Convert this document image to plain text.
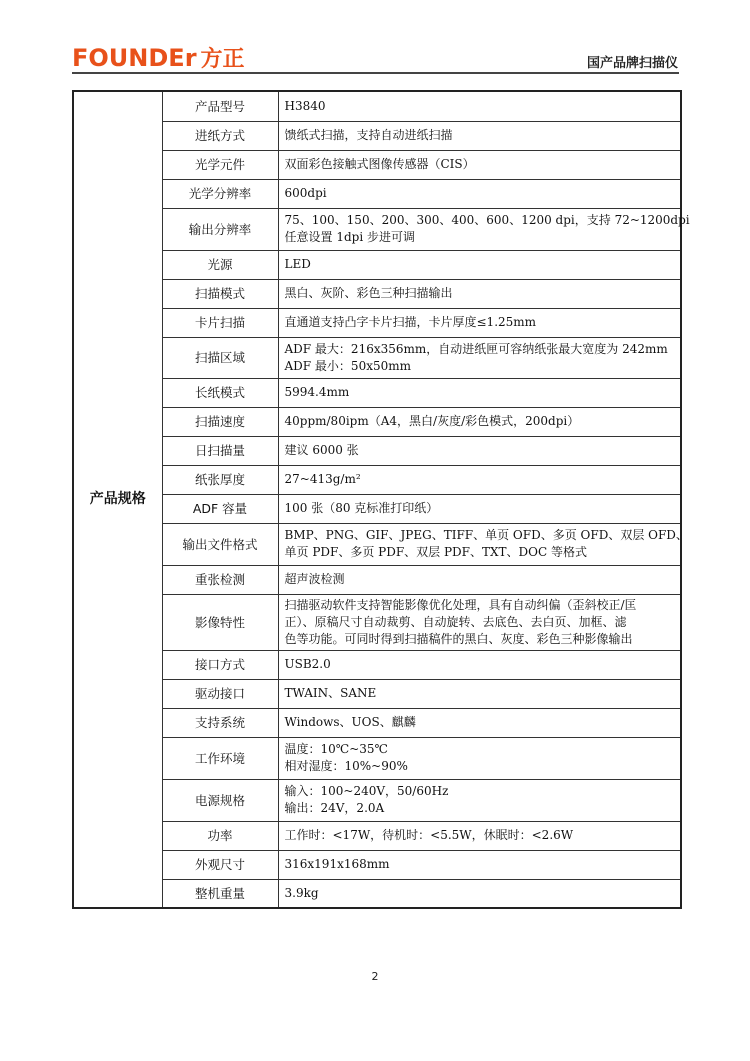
FOUNDEr 方正	国产品牌扫描仪
产品规格	产品型号	H3840

	进纸方式	馈纸式扫描，支持自动进纸扫描

	光学元件	双面彩色接触式图像传感器（CIS）

	光学分辨率	600dpi

	输出分辨率	75、100、150、200、300、400、600、1200 dpi，支持 72~1200dpi
任意设置 1dpi 步进可调

	光源	LED

	扫描模式	黑白、灰阶、彩色三种扫描输出

	卡片扫描	直通道支持凸字卡片扫描，卡片厚度≤1.25mm

	扫描区域	ADF 最大：216x356mm，自动进纸匣可容纳纸张最大宽度为 242mm
ADF 最小：50x50mm

	长纸模式	5994.4mm

	扫描速度	40ppm/80ipm（A4，黑白/灰度/彩色模式，200dpi）

	日扫描量	建议 6000 张

	纸张厚度	27~413g/m²

	ADF 容量	100 张（80 克标准打印纸）

	输出文件格式	BMP、PNG、GIF、JPEG、TIFF、单页 OFD、多页 OFD、双层 OFD、
单页 PDF、多页 PDF、双层 PDF、TXT、DOC 等格式

	重张检测	超声波检测

	影像特性	扫描驱动软件支持智能影像优化处理，具有自动纠偏（歪斜校正/匡
正）、原稿尺寸自动裁剪、自动旋转、去底色、去白页、加框、滤
色等功能。可同时得到扫描稿件的黑白、灰度、彩色三种影像输出

	接口方式	USB2.0

	驱动接口	TWAIN、SANE

	支持系统	Windows、UOS、麒麟

	工作环境	温度：10℃~35℃
相对湿度：10%~90%

	电源规格	输入：100~240V，50/60Hz
输出：24V，2.0A

	功率	工作时：<17W，待机时：<5.5W，休眠时：<2.6W

	外观尺寸	316x191x168mm

	整机重量	3.9kg
2
